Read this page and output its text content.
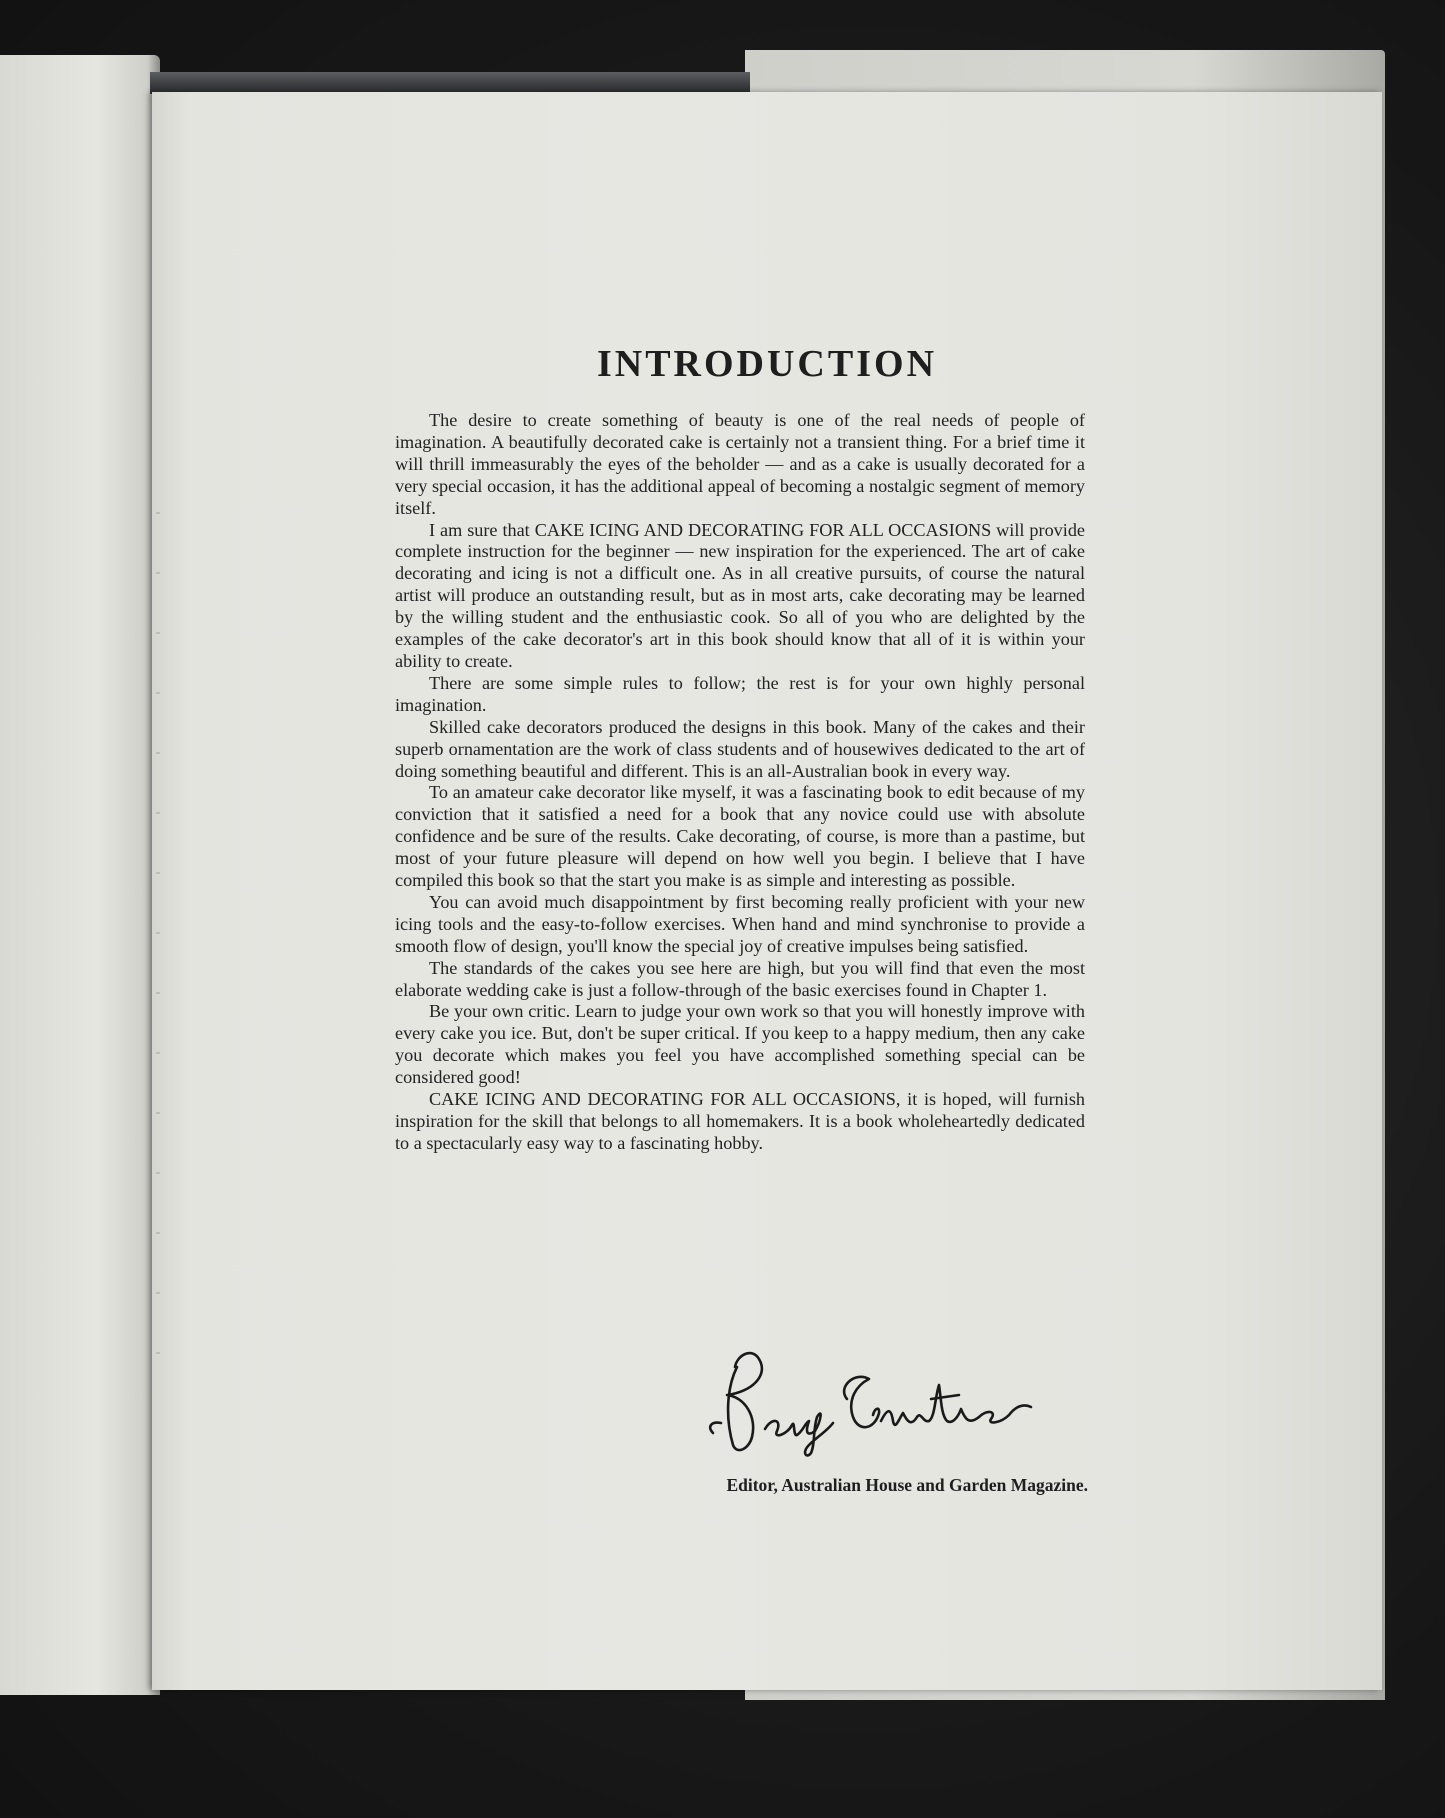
INTRODUCTION

The desire to create something of beauty is one of the real needs of people of imagination. A beautifully decorated cake is certainly not a transient thing. For a brief time it will thrill immeasurably the eyes of the beholder — and as a cake is usually decorated for a very special occasion, it has the additional appeal of becoming a nostalgic segment of memory itself.

I am sure that CAKE ICING AND DECORATING FOR ALL OCCASIONS will provide complete instruction for the beginner — new inspiration for the experienced. The art of cake decorating and icing is not a difficult one. As in all creative pursuits, of course the natural artist will produce an outstanding result, but as in most arts, cake decorating may be learned by the willing student and the enthusiastic cook. So all of you who are delighted by the examples of the cake decorator's art in this book should know that all of it is within your ability to create.

There are some simple rules to follow; the rest is for your own highly personal imagination.

Skilled cake decorators produced the designs in this book. Many of the cakes and their superb ornamentation are the work of class students and of housewives dedicated to the art of doing something beautiful and different. This is an all-Australian book in every way.

To an amateur cake decorator like myself, it was a fascinating book to edit because of my conviction that it satisfied a need for a book that any novice could use with absolute confidence and be sure of the results. Cake decorating, of course, is more than a pastime, but most of your future pleasure will depend on how well you begin. I believe that I have compiled this book so that the start you make is as simple and interesting as possible.

You can avoid much disappointment by first becoming really proficient with your new icing tools and the easy-to-follow exercises. When hand and mind synchronise to provide a smooth flow of design, you'll know the special joy of creative impulses being satisfied.

The standards of the cakes you see here are high, but you will find that even the most elaborate wedding cake is just a follow-through of the basic exercises found in Chapter 1.

Be your own critic. Learn to judge your own work so that you will honestly improve with every cake you ice. But, don't be super critical. If you keep to a happy medium, then any cake you decorate which makes you feel you have accomplished something special can be considered good!

CAKE ICING AND DECORATING FOR ALL OCCASIONS, it is hoped, will furnish inspiration for the skill that belongs to all homemakers. It is a book wholeheartedly dedicated to a spectacularly easy way to a fascinating hobby.

Editor, Australian House and Garden Magazine.
